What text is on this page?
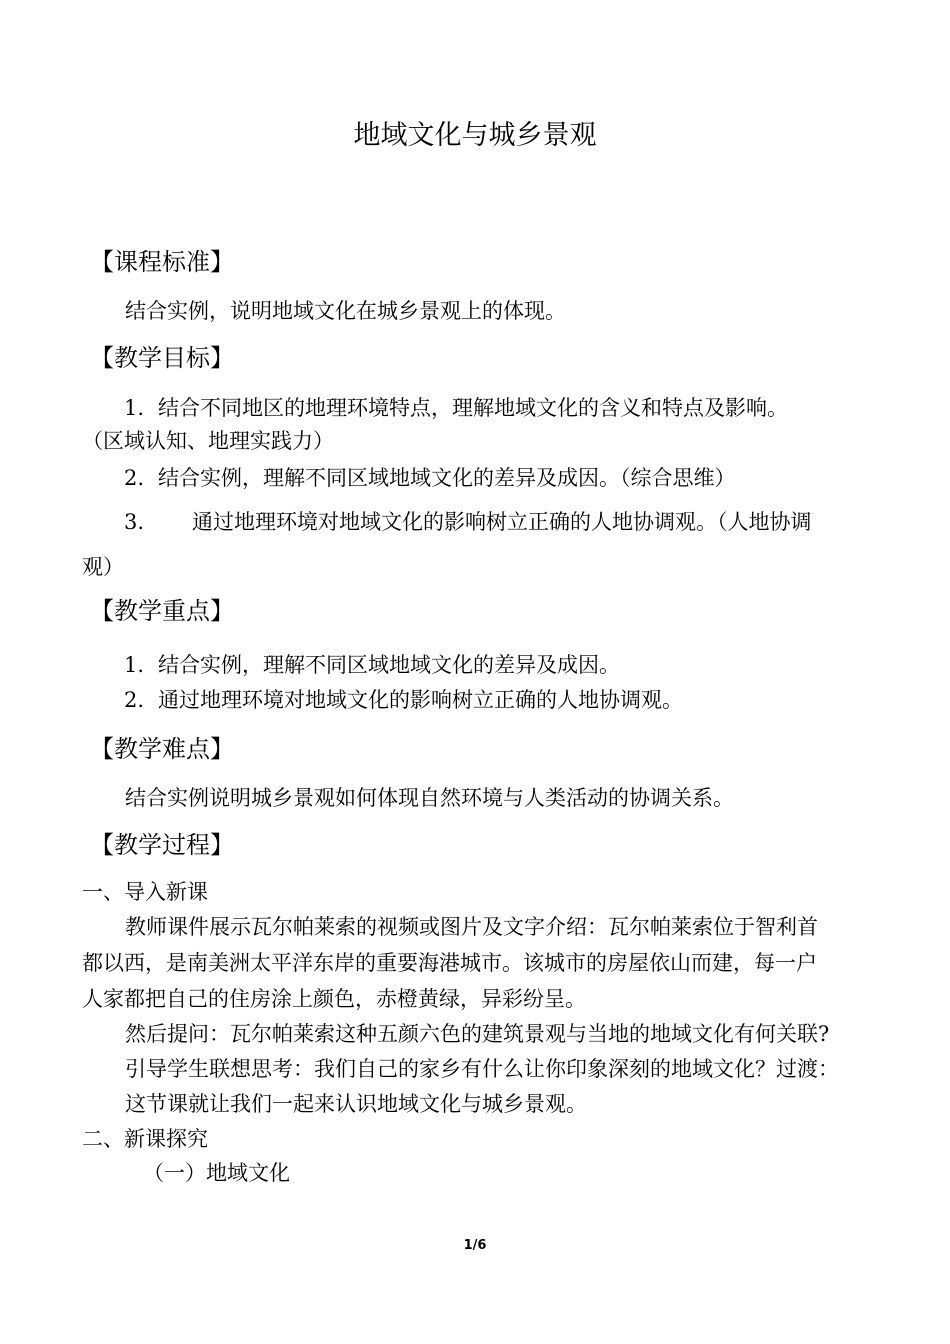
地域文化与城乡景观
【课程标准】
结合实例，说明地域文化在城乡景观上的体现。
【教学目标】
1. 结合不同地区的地理环境特点，理解地域文化的含义和特点及影响。
（区域认知、地理实践力）
2. 结合实例，理解不同区域地域文化的差异及成因。（综合思维）
3. 通过地理环境对地域文化的影响树立正确的人地协调观。（人地协调
观）
【教学重点】
1. 结合实例，理解不同区域地域文化的差异及成因。
2. 通过地理环境对地域文化的影响树立正确的人地协调观。
【教学难点】
结合实例说明城乡景观如何体现自然环境与人类活动的协调关系。
【教学过程】
一、导入新课
教师课件展示瓦尔帕莱索的视频或图片及文字介绍：瓦尔帕莱索位于智利首
都以西，是南美洲太平洋东岸的重要海港城市。该城市的房屋依山而建，每一户
人家都把自己的住房涂上颜色，赤橙黄绿，异彩纷呈。
然后提问：瓦尔帕莱索这种五颜六色的建筑景观与当地的地域文化有何关联?
引导学生联想思考：我们自己的家乡有什么让你印象深刻的地域文化？过渡：
这节课就让我们一起来认识地域文化与城乡景观。
二、新课探究
（一）地域文化
1/6
